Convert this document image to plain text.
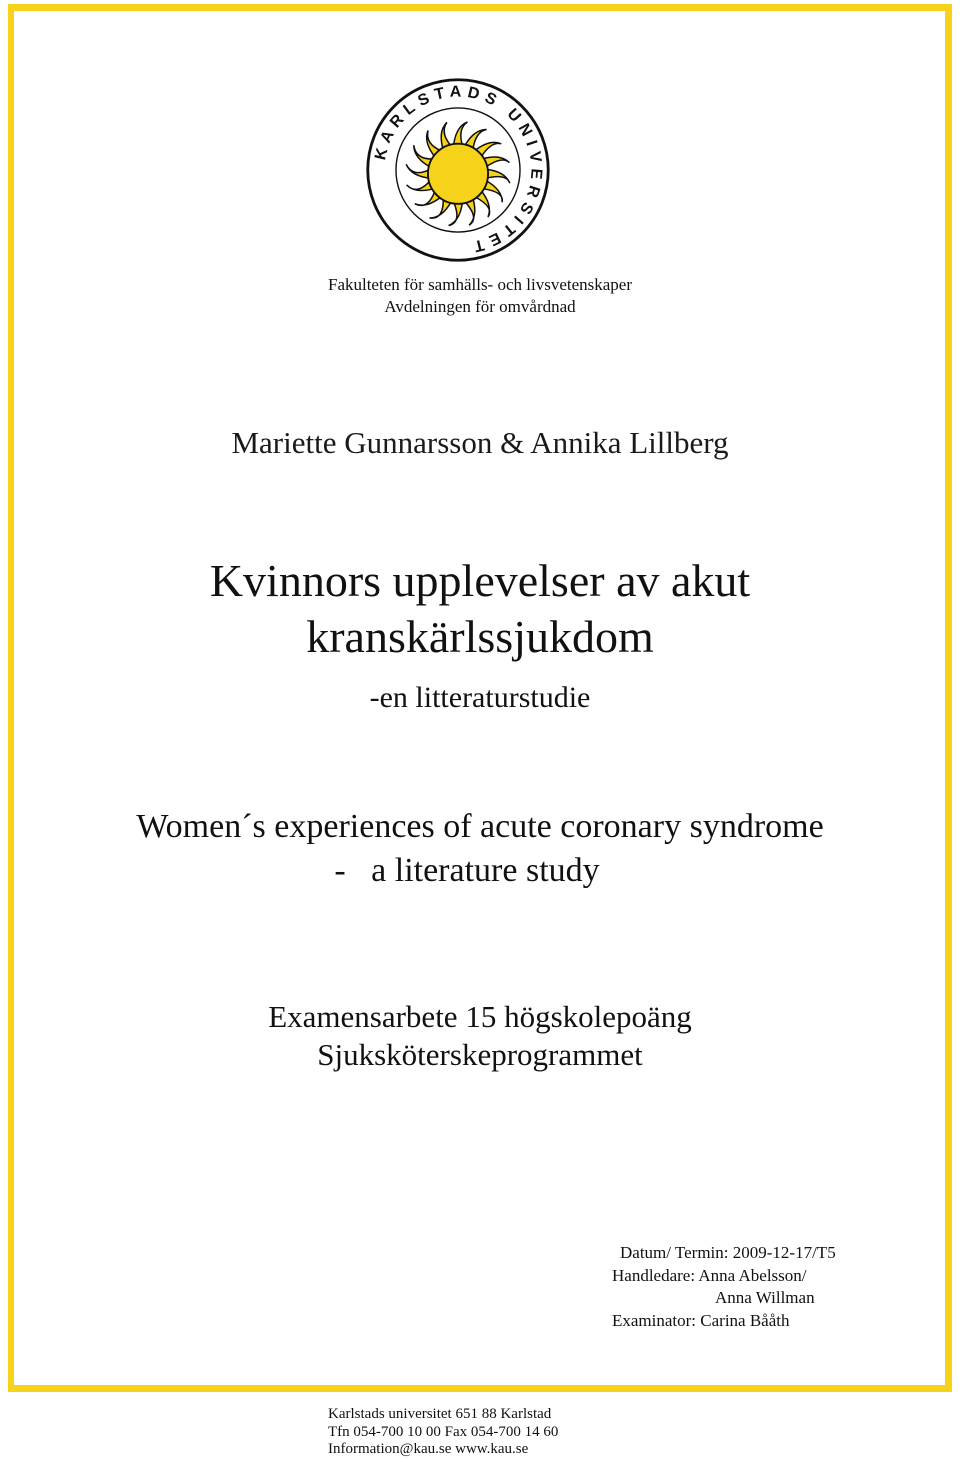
KARLSTADS UNIVERSITET
Fakulteten för samhälls- och livsvetenskaper
Avdelningen för omvårdnad
Mariette Gunnarsson & Annika Lillberg
Kvinnors upplevelser av akut
kranskärlssjukdom
-en litteraturstudie
Women´s experiences of acute coronary syndrome
-   a literature study
Examensarbete 15 högskolepoäng
Sjuksköterskeprogrammet
Datum/ Termin: 2009-12-17/T5
Handledare: Anna Abelsson/
Anna Willman
Examinator: Carina Bååth
Karlstads universitet 651 88 Karlstad
Tfn 054-700 10 00 Fax 054-700 14 60
Information@kau.se www.kau.se
